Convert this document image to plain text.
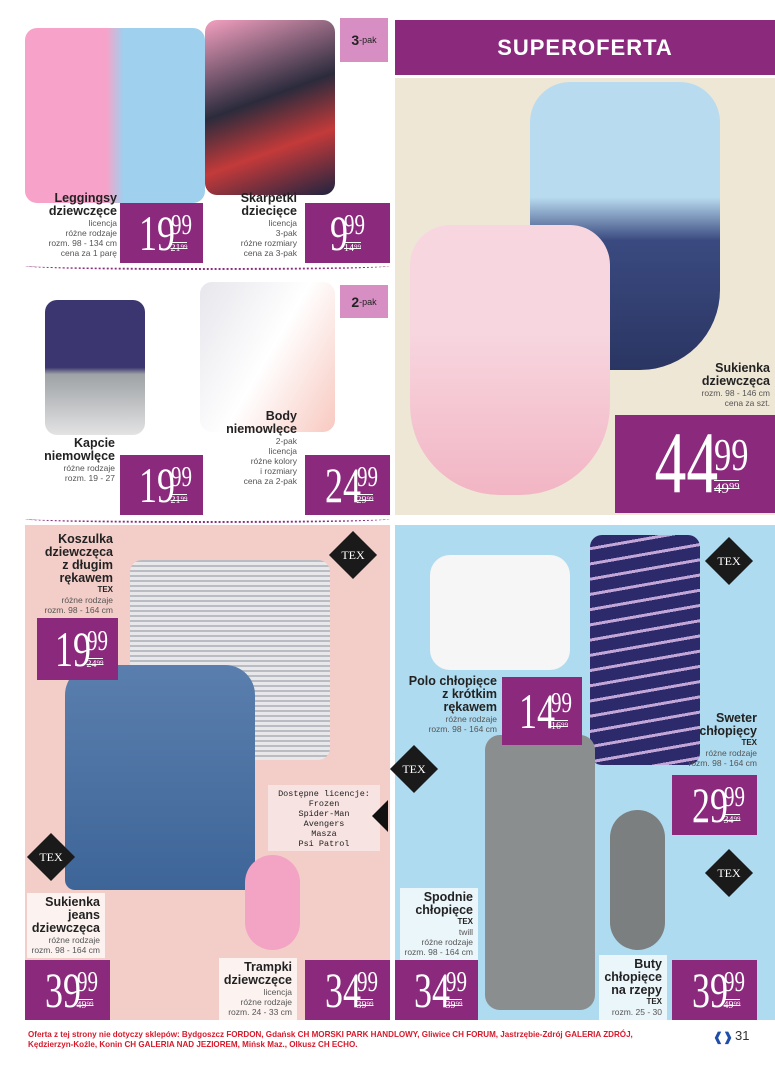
SUPEROFERTA
3 -pak
2 -pak
TEX
TEX
TEX
TEX
TEX
Dostępne licencje:
Frozen
Spider-Man
Avengers
Masza
Psi Patrol
Leggingsy
dziewczęce
licencja
różne rodzaje
rozm. 98 - 134 cm
cena za 1 parę 19
99
21⁹⁹
Skarpetki
dziecięce
licencja
3-pak
różne rozmiary
cena za 3-pak 9
99
14⁹⁹
Kapcie
niemowlęce
różne rodzaje
rozm. 19 - 27 19
99
21⁹⁹
Body
niemowlęce
2-pak
licencja
różne kolory
i rozmiary
cena za 2-pak 24
99
29⁹⁹
Sukienka
dziewczęca
rozm. 98 - 146 cm
cena za szt.
44
99
49⁹⁹
Koszulka
dziewczęca
z długim
rękawem
TEX
różne rodzaje
rozm. 98 - 164 cm
19
99
24⁹⁹
Polo chłopięce
z krótkim
rękawem
różne rodzaje
rozm. 98 - 164 cm 14
99
16⁹⁹
Sweter
chłopięcy
TEX
różne rodzaje
rozm. 98 - 164 cm
29
99
34⁹⁹
Sukienka
jeans
dziewczęca
różne rodzaje
rozm. 98 - 164 cm
39
99
49⁹⁹
Trampki
dziewczęce
licencja
różne rodzaje
rozm. 24 - 33 cm 34
99
39⁹⁹
Spodnie
chłopięce
TEX
twill
różne rodzaje
rozm. 98 - 164 cm
34
99
39⁹⁹
Buty
chłopięce
na rzepy
TEX
rozm. 25 - 30 39
99
49⁹⁹
Oferta z tej strony nie dotyczy sklepów: Bydgoszcz FORDON, Gdańsk CH MORSKI PARK HANDLOWY, Gliwice CH FORUM, Jastrzębie-Zdrój GALERIA ZDRÓJ, Kędzierzyn-Koźle, Konin CH GALERIA NAD JEZIOREM, Mińsk Maz., Olkusz CH ECHO.	❰❱ 31
